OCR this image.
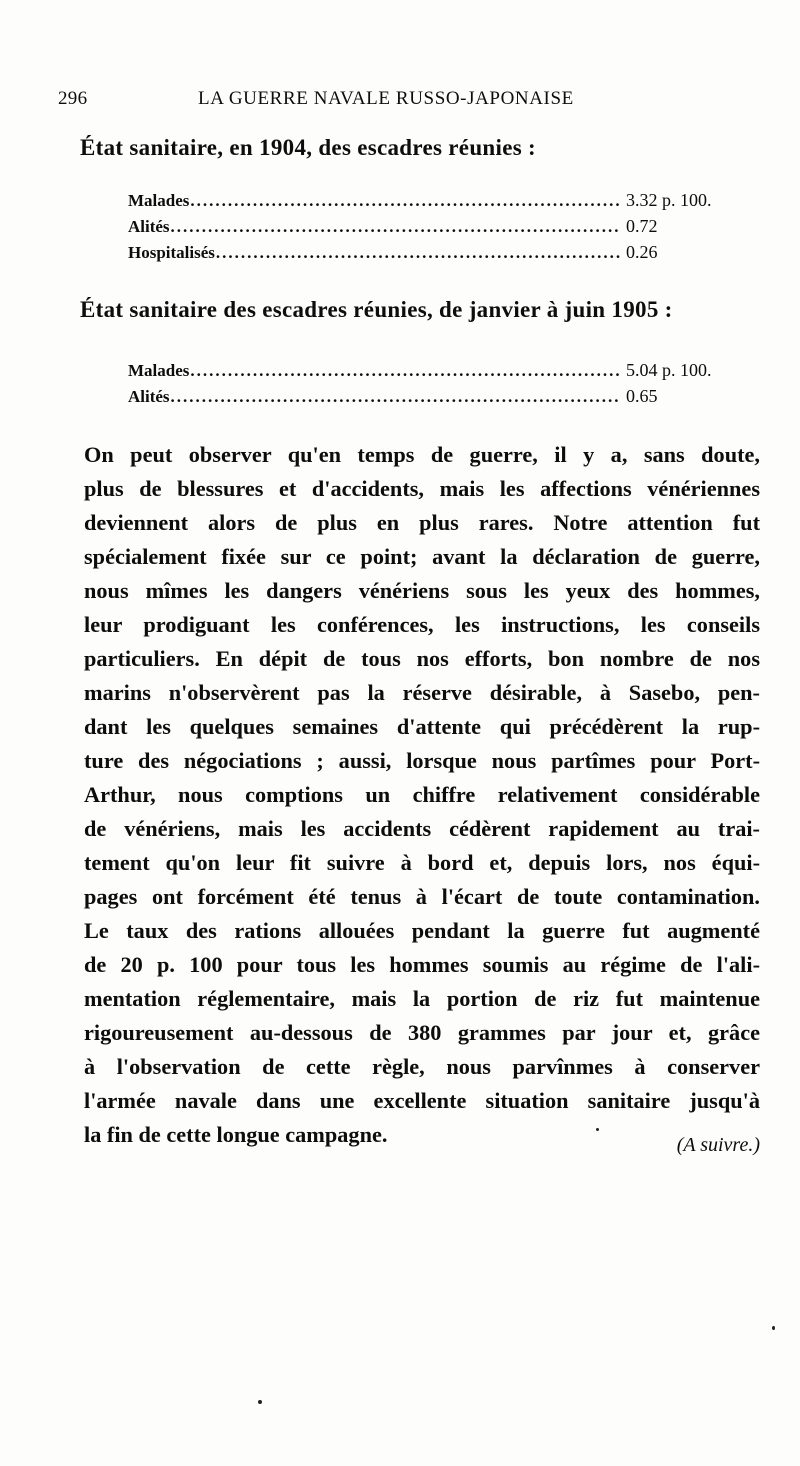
296	LA GUERRE NAVALE RUSSO-JAPONAISE
État sanitaire, en 1904, des escadres réunies :
Malades .....	3.32 p. 100.
Alités .....	0.72
Hospitalisés .....	0.26
État sanitaire des escadres réunies, de janvier à juin 1905 :
Malades .....	5.04 p. 100.
Alités .....	0.65
On peut observer qu'en temps de guerre, il y a, sans doute,
plus de blessures et d'accidents, mais les affections vénériennes
deviennent alors de plus en plus rares. Notre attention fut
spécialement fixée sur ce point; avant la déclaration de guerre,
nous mîmes les dangers vénériens sous les yeux des hommes,
leur prodiguant les conférences, les instructions, les conseils
particuliers. En dépit de tous nos efforts, bon nombre de nos
marins n'observèrent pas la réserve désirable, à Sasebo, pen-
dant les quelques semaines d'attente qui précédèrent la rup-
ture des négociations ; aussi, lorsque nous partîmes pour Port-
Arthur, nous comptions un chiffre relativement considérable
de vénériens, mais les accidents cédèrent rapidement au trai-
tement qu'on leur fit suivre à bord et, depuis lors, nos équi-
pages ont forcément été tenus à l'écart de toute contamination.
Le taux des rations allouées pendant la guerre fut augmenté
de 20 p. 100 pour tous les hommes soumis au régime de l'ali-
mentation réglementaire, mais la portion de riz fut maintenue
rigoureusement au-dessous de 380 grammes par jour et, grâce
à l'observation de cette règle, nous parvînmes à conserver
l'armée navale dans une excellente situation sanitaire jusqu'à
la fin de cette longue campagne.	(A suivre.)
